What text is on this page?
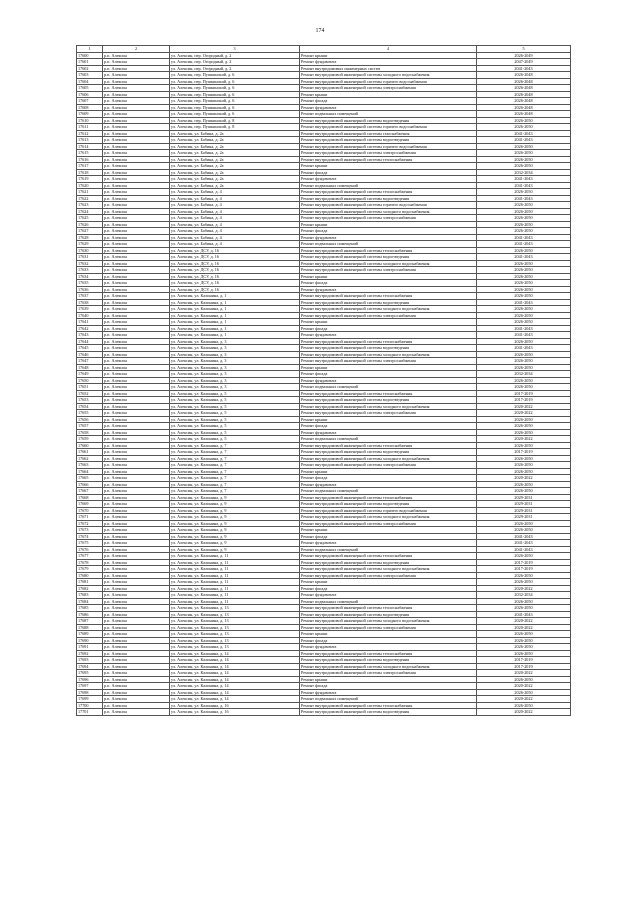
174
1	2	3	4	5
17600	р.п. Алексин	ул. Алексин, пер. Огородный, д. 2	Ремонт крыши	2026-2049
17601	р.п. Алексин	ул. Алексин, пер. Огородный, д. 2	Ремонт фундамента	2047-2049
17602	р.п. Алексин	ул. Алексин, пер. Огородный, д. 2	Ремонт внутридомовых инженерных систем	2041-2043
17603	р.п. Алексин	ул. Алексин, пер. Пушкинский, д. 6	Ремонт внутридомовой инженерной системы холодного водоснабжения	2026-2048
17604	р.п. Алексин	ул. Алексин, пер. Пушкинский, д. 6	Ремонт внутридомовой инженерной системы горячего водоснабжения	2026-2048
17605	р.п. Алексин	ул. Алексин, пер. Пушкинский, д. 6	Ремонт внутридомовой инженерной системы электроснабжения	2026-2048
17606	р.п. Алексин	ул. Алексин, пер. Пушкинский, д. 6	Ремонт крыши	2026-2048
17607	р.п. Алексин	ул. Алексин, пер. Пушкинский, д. 6	Ремонт фасада	2026-2048
17608	р.п. Алексин	ул. Алексин, пер. Пушкинский, д. 6	Ремонт фундамента	2026-2048
17609	р.п. Алексин	ул. Алексин, пер. Пушкинский, д. 6	Ремонт подвальных помещений	2026-2048
17610	р.п. Алексин	ул. Алексин, пер. Пушкинский, д. 8	Ремонт внутридомовой инженерной системы водоотведения	2026-2050
17611	р.п. Алексин	ул. Алексин, пер. Пушкинский, д. 8	Ремонт внутридомовой инженерной системы горячего водоснабжения	2026-2050
17612	р.п. Алексин	ул. Алексин, ул. Бабина, д. 2а	Ремонт внутридомовой инженерной системы газоснабжения	2041-2043
17613	р.п. Алексин	ул. Алексин, ул. Бабина, д. 2а	Ремонт внутридомовой инженерной системы водоотведения	2041-2043
17614	р.п. Алексин	ул. Алексин, ул. Бабина, д. 2а	Ремонт внутридомовой инженерной системы горячего водоснабжения	2026-2050
17615	р.п. Алексин	ул. Алексин, ул. Бабина, д. 2а	Ремонт внутридомовой инженерной системы электроснабжения	2026-2050
17616	р.п. Алексин	ул. Алексин, ул. Бабина, д. 2а	Ремонт внутридомовой инженерной системы теплоснабжения	2026-2050
17617	р.п. Алексин	ул. Алексин, ул. Бабина, д. 2а	Ремонт крыши	2026-2050
17618	р.п. Алексин	ул. Алексин, ул. Бабина, д. 2а	Ремонт фасада	2032-2034
17619	р.п. Алексин	ул. Алексин, ул. Бабина, д. 2а	Ремонт фундамента	2041-2043
17620	р.п. Алексин	ул. Алексин, ул. Бабина, д. 2а	Ремонт подвальных помещений	2041-2043
17621	р.п. Алексин	ул. Алексин, ул. Бабина, д. 4	Ремонт внутридомовой инженерной системы теплоснабжения	2026-2050
17622	р.п. Алексин	ул. Алексин, ул. Бабина, д. 4	Ремонт внутридомовой инженерной системы водоотведения	2041-2043
17623	р.п. Алексин	ул. Алексин, ул. Бабина, д. 4	Ремонт внутридомовой инженерной системы горячего водоснабжения	2026-2050
17624	р.п. Алексин	ул. Алексин, ул. Бабина, д. 4	Ремонт внутридомовой инженерной системы холодного водоснабжения	2026-2050
17625	р.п. Алексин	ул. Алексин, ул. Бабина, д. 4	Ремонт внутридомовой инженерной системы электроснабжения	2026-2050
17626	р.п. Алексин	ул. Алексин, ул. Бабина, д. 4	Ремонт крыши	2026-2050
17627	р.п. Алексин	ул. Алексин, ул. Бабина, д. 4	Ремонт фасада	2026-2050
17628	р.п. Алексин	ул. Алексин, ул. Бабина, д. 4	Ремонт фундамента	2041-2043
17629	р.п. Алексин	ул. Алексин, ул. Бабина, д. 4	Ремонт подвальных помещений	2041-2043
17630	р.п. Алексин	ул. Алексин, ул. ДСУ, д. 16	Ремонт внутридомовой инженерной системы теплоснабжения	2026-2050
17631	р.п. Алексин	ул. Алексин, ул. ДСУ, д. 16	Ремонт внутридомовой инженерной системы водоотведения	2041-2043
17632	р.п. Алексин	ул. Алексин, ул. ДСУ, д. 16	Ремонт внутридомовой инженерной системы холодного водоснабжения	2026-2050
17633	р.п. Алексин	ул. Алексин, ул. ДСУ, д. 16	Ремонт внутридомовой инженерной системы электроснабжения	2026-2050
17634	р.п. Алексин	ул. Алексин, ул. ДСУ, д. 16	Ремонт крыши	2026-2050
17635	р.п. Алексин	ул. Алексин, ул. ДСУ, д. 16	Ремонт фасада	2026-2050
17636	р.п. Алексин	ул. Алексин, ул. ДСУ, д. 16	Ремонт фундамента	2026-2050
17637	р.п. Алексин	ул. Алексин, ул. Калинина, д. 1	Ремонт внутридомовой инженерной системы теплоснабжения	2026-2050
17638	р.п. Алексин	ул. Алексин, ул. Калинина, д. 1	Ремонт внутридомовой инженерной системы водоотведения	2041-2043
17639	р.п. Алексин	ул. Алексин, ул. Калинина, д. 1	Ремонт внутридомовой инженерной системы холодного водоснабжения	2026-2050
17640	р.п. Алексин	ул. Алексин, ул. Калинина, д. 1	Ремонт внутридомовой инженерной системы электроснабжения	2026-2050
17641	р.п. Алексин	ул. Алексин, ул. Калинина, д. 1	Ремонт крыши	2026-2050
17642	р.п. Алексин	ул. Алексин, ул. Калинина, д. 1	Ремонт фасада	2041-2043
17643	р.п. Алексин	ул. Алексин, ул. Калинина, д. 1	Ремонт фундамента	2041-2043
17644	р.п. Алексин	ул. Алексин, ул. Калинина, д. 3	Ремонт внутридомовой инженерной системы теплоснабжения	2026-2050
17645	р.п. Алексин	ул. Алексин, ул. Калинина, д. 3	Ремонт внутридомовой инженерной системы водоотведения	2041-2043
17646	р.п. Алексин	ул. Алексин, ул. Калинина, д. 3	Ремонт внутридомовой инженерной системы холодного водоснабжения	2026-2050
17647	р.п. Алексин	ул. Алексин, ул. Калинина, д. 3	Ремонт внутридомовой инженерной системы электроснабжения	2026-2050
17648	р.п. Алексин	ул. Алексин, ул. Калинина, д. 3	Ремонт крыши	2026-2050
17649	р.п. Алексин	ул. Алексин, ул. Калинина, д. 3	Ремонт фасада	2032-2034
17650	р.п. Алексин	ул. Алексин, ул. Калинина, д. 3	Ремонт фундамента	2026-2050
17651	р.п. Алексин	ул. Алексин, ул. Калинина, д. 3	Ремонт подвальных помещений	2026-2050
17652	р.п. Алексин	ул. Алексин, ул. Калинина, д. 5	Ремонт внутридомовой инженерной системы теплоснабжения	2017-2019
17653	р.п. Алексин	ул. Алексин, ул. Калинина, д. 5	Ремонт внутридомовой инженерной системы водоотведения	2017-2019
17654	р.п. Алексин	ул. Алексин, ул. Калинина, д. 5	Ремонт внутридомовой инженерной системы холодного водоснабжения	2020-2022
17655	р.п. Алексин	ул. Алексин, ул. Калинина, д. 5	Ремонт внутридомовой инженерной системы электроснабжения	2020-2022
17656	р.п. Алексин	ул. Алексин, ул. Калинина, д. 5	Ремонт крыши	2026-2050
17657	р.п. Алексин	ул. Алексин, ул. Калинина, д. 5	Ремонт фасада	2026-2050
17658	р.п. Алексин	ул. Алексин, ул. Калинина, д. 5	Ремонт фундамента	2026-2050
17659	р.п. Алексин	ул. Алексин, ул. Калинина, д. 5	Ремонт подвальных помещений	2020-2022
17660	р.п. Алексин	ул. Алексин, ул. Калинина, д. 7	Ремонт внутридомовой инженерной системы теплоснабжения	2026-2050
17661	р.п. Алексин	ул. Алексин, ул. Калинина, д. 7	Ремонт внутридомовой инженерной системы водоотведения	2017-2019
17662	р.п. Алексин	ул. Алексин, ул. Калинина, д. 7	Ремонт внутридомовой инженерной системы холодного водоснабжения	2026-2050
17663	р.п. Алексин	ул. Алексин, ул. Калинина, д. 7	Ремонт внутридомовой инженерной системы электроснабжения	2026-2050
17664	р.п. Алексин	ул. Алексин, ул. Калинина, д. 7	Ремонт крыши	2026-2050
17665	р.п. Алексин	ул. Алексин, ул. Калинина, д. 7	Ремонт фасада	2020-2022
17666	р.п. Алексин	ул. Алексин, ул. Калинина, д. 7	Ремонт фундамента	2026-2050
17667	р.п. Алексин	ул. Алексин, ул. Калинина, д. 7	Ремонт подвальных помещений	2026-2050
17668	р.п. Алексин	ул. Алексин, ул. Калинина, д. 9	Ремонт внутридомовой инженерной системы теплоснабжения	2029-2031
17669	р.п. Алексин	ул. Алексин, ул. Калинина, д. 9	Ремонт внутридомовой инженерной системы водоотведения	2029-2031
17670	р.п. Алексин	ул. Алексин, ул. Калинина, д. 9	Ремонт внутридомовой инженерной системы горячего водоснабжения	2029-2031
17671	р.п. Алексин	ул. Алексин, ул. Калинина, д. 9	Ремонт внутридомовой инженерной системы холодного водоснабжения	2029-2031
17672	р.п. Алексин	ул. Алексин, ул. Калинина, д. 9	Ремонт внутридомовой инженерной системы электроснабжения	2026-2050
17673	р.п. Алексин	ул. Алексин, ул. Калинина, д. 9	Ремонт крыши	2026-2050
17674	р.п. Алексин	ул. Алексин, ул. Калинина, д. 9	Ремонт фасада	2041-2043
17675	р.п. Алексин	ул. Алексин, ул. Калинина, д. 9	Ремонт фундамента	2041-2043
17676	р.п. Алексин	ул. Алексин, ул. Калинина, д. 9	Ремонт подвальных помещений	2041-2043
17677	р.п. Алексин	ул. Алексин, ул. Калинина, д. 11	Ремонт внутридомовой инженерной системы теплоснабжения	2026-2050
17678	р.п. Алексин	ул. Алексин, ул. Калинина, д. 11	Ремонт внутридомовой инженерной системы водоотведения	2017-2019
17679	р.п. Алексин	ул. Алексин, ул. Калинина, д. 11	Ремонт внутридомовой инженерной системы холодного водоснабжения	2017-2019
17680	р.п. Алексин	ул. Алексин, ул. Калинина, д. 11	Ремонт внутридомовой инженерной системы электроснабжения	2026-2050
17681	р.п. Алексин	ул. Алексин, ул. Калинина, д. 11	Ремонт крыши	2026-2050
17682	р.п. Алексин	ул. Алексин, ул. Калинина, д. 11	Ремонт фасада	2020-2022
17683	р.п. Алексин	ул. Алексин, ул. Калинина, д. 11	Ремонт фундамента	2032-2034
17684	р.п. Алексин	ул. Алексин, ул. Калинина, д. 11	Ремонт подвальных помещений	2026-2050
17685	р.п. Алексин	ул. Алексин, ул. Калинина, д. 13	Ремонт внутридомовой инженерной системы теплоснабжения	2026-2050
17686	р.п. Алексин	ул. Алексин, ул. Калинина, д. 13	Ремонт внутридомовой инженерной системы водоотведения	2041-2043
17687	р.п. Алексин	ул. Алексин, ул. Калинина, д. 13	Ремонт внутридомовой инженерной системы холодного водоснабжения	2020-2022
17688	р.п. Алексин	ул. Алексин, ул. Калинина, д. 13	Ремонт внутридомовой инженерной системы электроснабжения	2020-2022
17689	р.п. Алексин	ул. Алексин, ул. Калинина, д. 13	Ремонт крыши	2026-2050
17690	р.п. Алексин	ул. Алексин, ул. Калинина, д. 13	Ремонт фасада	2026-2050
17691	р.п. Алексин	ул. Алексин, ул. Калинина, д. 13	Ремонт фундамента	2026-2050
17692	р.п. Алексин	ул. Алексин, ул. Калинина, д. 14	Ремонт внутридомовой инженерной системы теплоснабжения	2026-2050
17693	р.п. Алексин	ул. Алексин, ул. Калинина, д. 14	Ремонт внутридомовой инженерной системы водоотведения	2017-2019
17694	р.п. Алексин	ул. Алексин, ул. Калинина, д. 14	Ремонт внутридомовой инженерной системы холодного водоснабжения	2017-2019
17695	р.п. Алексин	ул. Алексин, ул. Калинина, д. 14	Ремонт внутридомовой инженерной системы электроснабжения	2020-2022
17696	р.п. Алексин	ул. Алексин, ул. Калинина, д. 14	Ремонт крыши	2026-2050
17697	р.п. Алексин	ул. Алексин, ул. Калинина, д. 14	Ремонт фасада	2020-2022
17698	р.п. Алексин	ул. Алексин, ул. Калинина, д. 14	Ремонт фундамента	2026-2050
17699	р.п. Алексин	ул. Алексин, ул. Калинина, д. 14	Ремонт подвальных помещений	2020-2022
17700	р.п. Алексин	ул. Алексин, ул. Калинина, д. 16	Ремонт внутридомовой инженерной системы теплоснабжения	2026-2050
17701	р.п. Алексин	ул. Алексин, ул. Калинина, д. 16	Ремонт внутридомовой инженерной системы водоотведения	2020-2022
